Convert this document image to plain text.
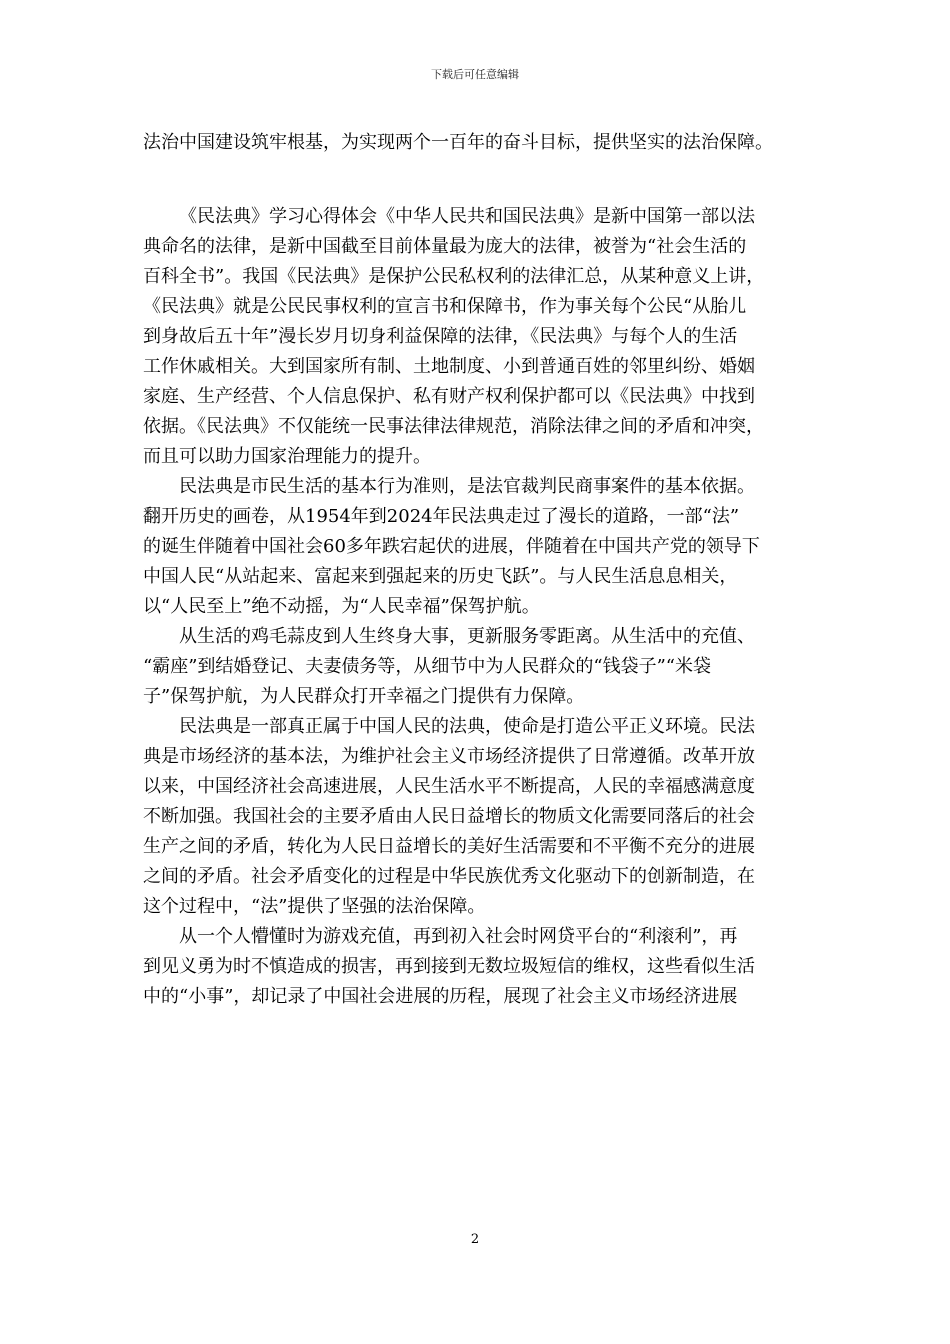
下载后可任意编辑

法治中国建设筑牢根基，为实现两个一百年的奋斗目标，提供坚实的法治保障。

《民法典》学习心得体会《中华人民共和国民法典》是新中国第一部以法
典命名的法律，是新中国截至目前体量最为庞大的法律，被誉为“社会生活的
百科全书”。我国《民法典》是保护公民私权利的法律汇总，从某种意义上讲，
《民法典》就是公民民事权利的宣言书和保障书，作为事关每个公民“从胎儿
到身故后五十年”漫长岁月切身利益保障的法律，《民法典》与每个人的生活
工作休戚相关。大到国家所有制、土地制度、小到普通百姓的邻里纠纷、婚姻
家庭、生产经营、个人信息保护、私有财产权利保护都可以《民法典》中找到
依据。《民法典》不仅能统一民事法律法律规范，消除法律之间的矛盾和冲突，
而且可以助力国家治理能力的提升。

民法典是市民生活的基本行为准则，是法官裁判民商事案件的基本依据。
翻开历史的画卷，从1954年到2024年民法典走过了漫长的道路，一部“法”
的诞生伴随着中国社会60多年跌宕起伏的进展，伴随着在中国共产党的领导下
中国人民“从站起来、富起来到强起来的历史飞跃”。与人民生活息息相关，
以“人民至上”绝不动摇，为“人民幸福”保驾护航。

从生活的鸡毛蒜皮到人生终身大事，更新服务零距离。从生活中的充值、
“霸座”到结婚登记、夫妻债务等，从细节中为人民群众的“钱袋子”“米袋
子”保驾护航，为人民群众打开幸福之门提供有力保障。

民法典是一部真正属于中国人民的法典，使命是打造公平正义环境。民法
典是市场经济的基本法，为维护社会主义市场经济提供了日常遵循。改革开放
以来，中国经济社会高速进展，人民生活水平不断提高，人民的幸福感满意度
不断加强。我国社会的主要矛盾由人民日益增长的物质文化需要同落后的社会
生产之间的矛盾，转化为人民日益增长的美好生活需要和不平衡不充分的进展
之间的矛盾。社会矛盾变化的过程是中华民族优秀文化驱动下的创新制造，在
这个过程中，“法”提供了坚强的法治保障。

从一个人懵懂时为游戏充值，再到初入社会时网贷平台的“利滚利”，再
到见义勇为时不慎造成的损害，再到接到无数垃圾短信的维权，这些看似生活
中的“小事”，却记录了中国社会进展的历程，展现了社会主义市场经济进展

2
